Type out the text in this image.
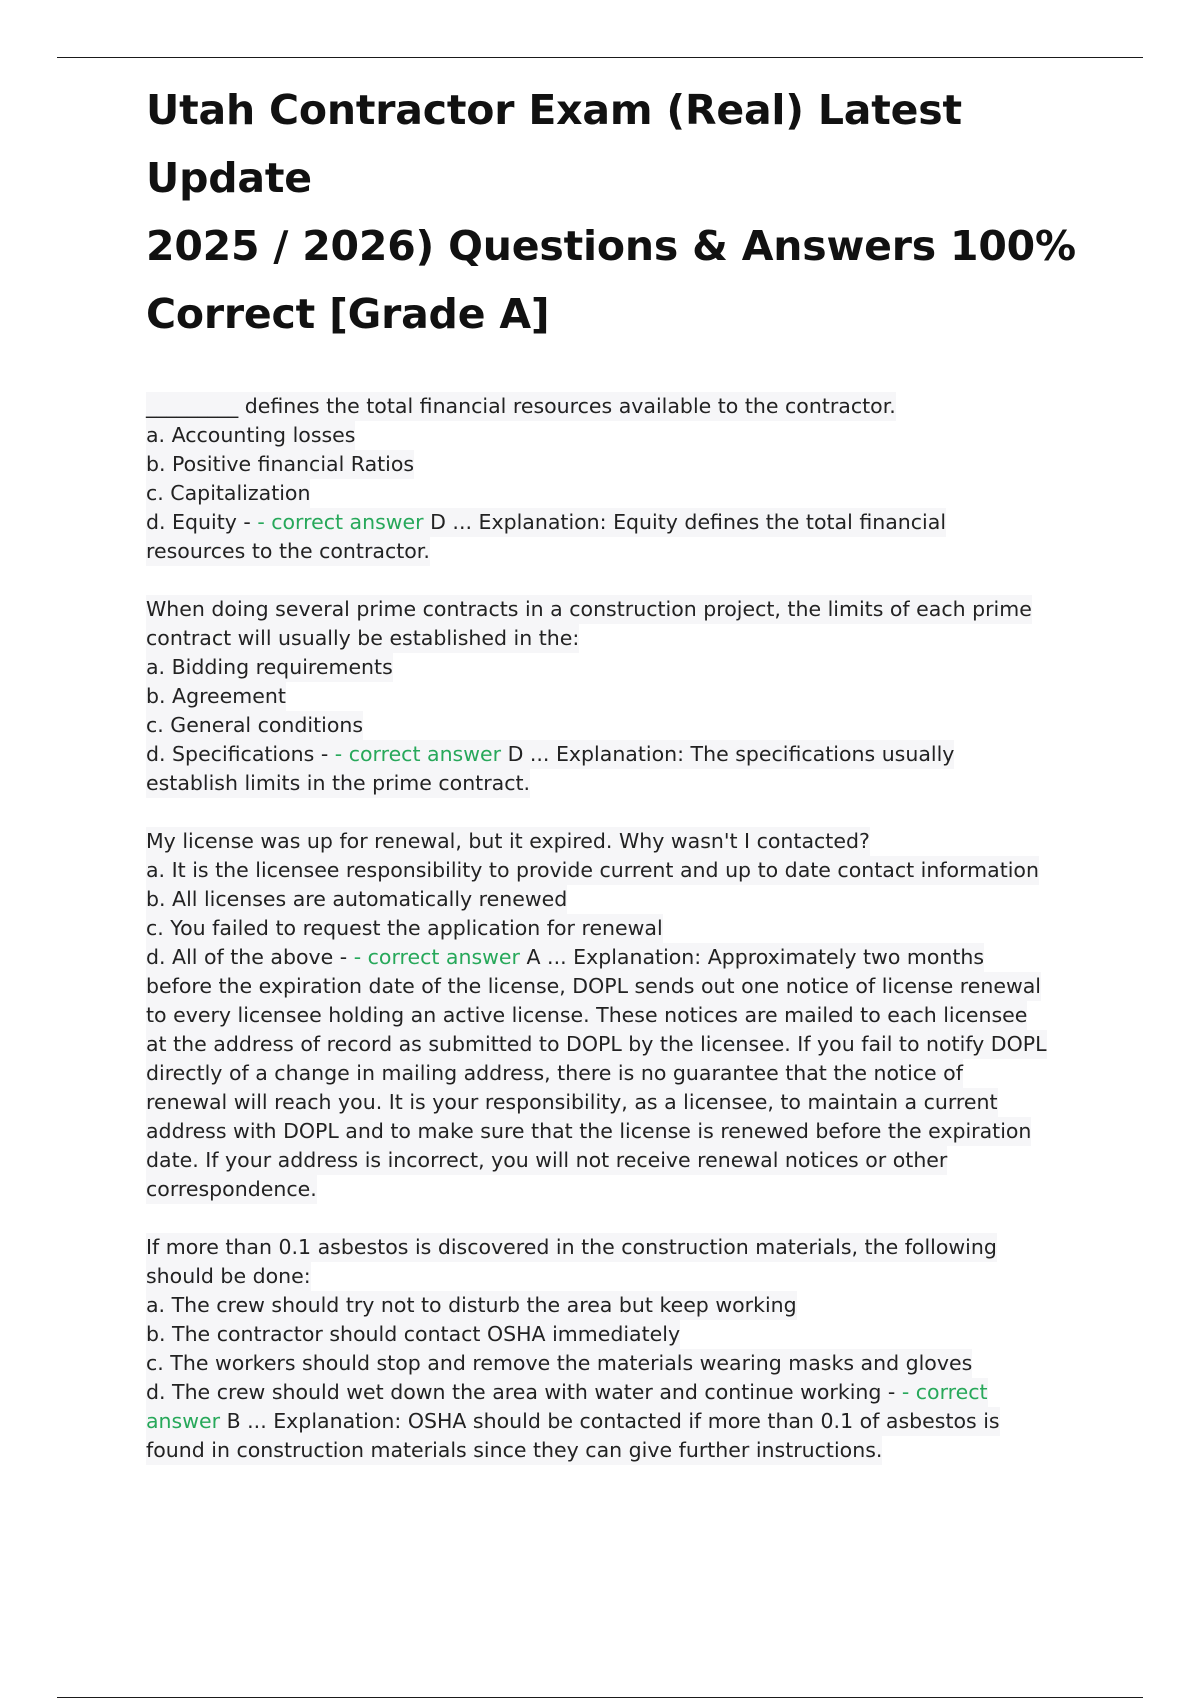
Utah Contractor Exam (Real) Latest Update
2025 / 2026) Questions & Answers 100%
Correct [Grade A]
_________ defines the total financial resources available to the contractor.
a. Accounting losses
b. Positive financial Ratios
c. Capitalization
d. Equity - - correct answer D ... Explanation: Equity defines the total financial
resources to the contractor.
When doing several prime contracts in a construction project, the limits of each prime
contract will usually be established in the:
a. Bidding requirements
b. Agreement
c. General conditions
d. Specifications - - correct answer D ... Explanation: The specifications usually
establish limits in the prime contract.
My license was up for renewal, but it expired. Why wasn't I contacted?
a. It is the licensee responsibility to provide current and up to date contact information
b. All licenses are automatically renewed
c. You failed to request the application for renewal
d. All of the above - - correct answer A ... Explanation: Approximately two months
before the expiration date of the license, DOPL sends out one notice of license renewal
to every licensee holding an active license. These notices are mailed to each licensee
at the address of record as submitted to DOPL by the licensee. If you fail to notify DOPL
directly of a change in mailing address, there is no guarantee that the notice of
renewal will reach you. It is your responsibility, as a licensee, to maintain a current
address with DOPL and to make sure that the license is renewed before the expiration
date. If your address is incorrect, you will not receive renewal notices or other
correspondence.
If more than 0.1 asbestos is discovered in the construction materials, the following
should be done:
a. The crew should try not to disturb the area but keep working
b. The contractor should contact OSHA immediately
c. The workers should stop and remove the materials wearing masks and gloves
d. The crew should wet down the area with water and continue working - - correct
answer B ... Explanation: OSHA should be contacted if more than 0.1 of asbestos is
found in construction materials since they can give further instructions.
